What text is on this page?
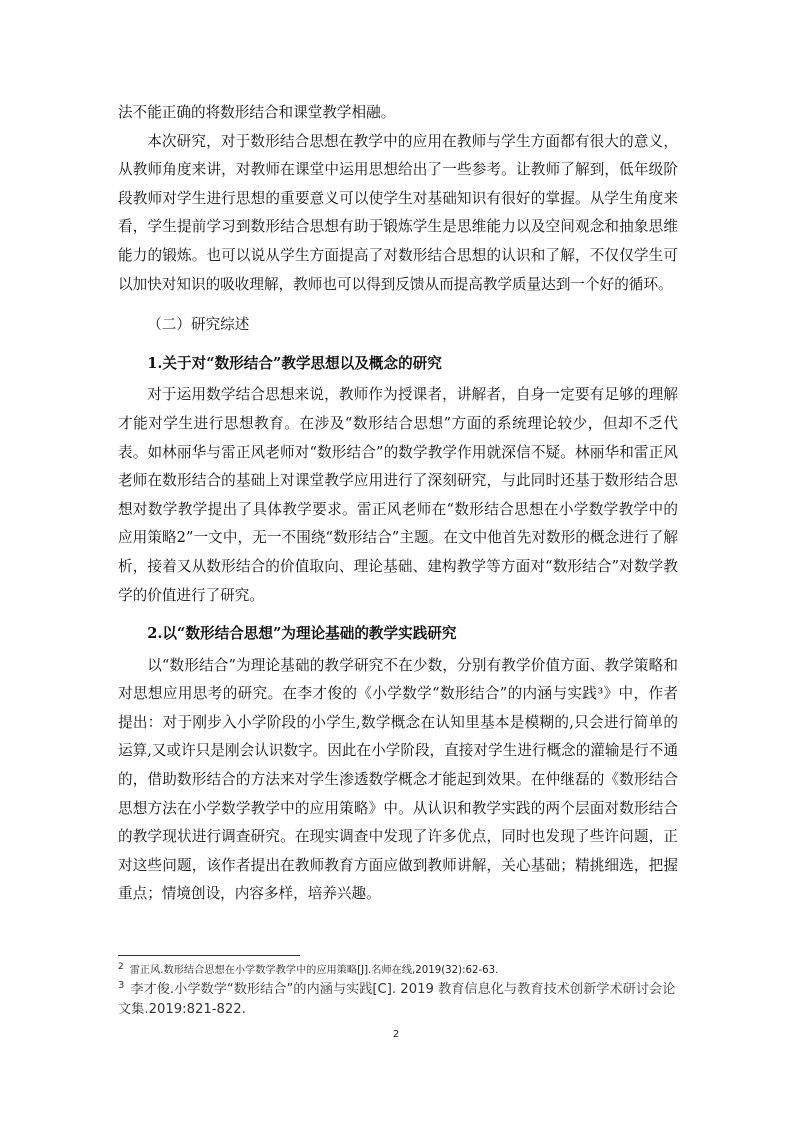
法不能正确的将数形结合和课堂教学相融。

本次研究，对于数形结合思想在教学中的应用在教师与学生方面都有很大的意义，从教师角度来讲，对教师在课堂中运用思想给出了一些参考。让教师了解到，低年级阶段教师对学生进行思想的重要意义可以使学生对基础知识有很好的掌握。从学生角度来看，学生提前学习到数形结合思想有助于锻炼学生是思维能力以及空间观念和抽象思维能力的锻炼。也可以说从学生方面提高了对数形结合思想的认识和了解，不仅仅学生可以加快对知识的吸收理解，教师也可以得到反馈从而提高教学质量达到一个好的循环。

（二）研究综述

1.关于对“数形结合”教学思想以及概念的研究

对于运用数学结合思想来说，教师作为授课者，讲解者，自身一定要有足够的理解才能对学生进行思想教育。在涉及“数形结合思想”方面的系统理论较少，但却不乏代表。如林丽华与雷正风老师对“数形结合”的数学教学作用就深信不疑。林丽华和雷正风老师在数形结合的基础上对课堂教学应用进行了深刻研究，与此同时还基于数形结合思想对数学教学提出了具体教学要求。雷正风老师在“数形结合思想在小学数学教学中的应用策略2”一文中，无一不围绕“数形结合”主题。在文中他首先对数形的概念进行了解析，接着又从数形结合的价值取向、理论基础、建构教学等方面对“数形结合”对数学教学的价值进行了研究。

2.以“数形结合思想”为理论基础的教学实践研究

以“数形结合”为理论基础的教学研究不在少数，分别有教学价值方面、教学策略和对思想应用思考的研究。在李才俊的《小学数学“数形结合”的内涵与实践³》中，作者提出：对于刚步入小学阶段的小学生,数学概念在认知里基本是模糊的,只会进行简单的运算,又或许只是刚会认识数字。因此在小学阶段，直接对学生进行概念的灌输是行不通的，借助数形结合的方法来对学生渗透数学概念才能起到效果。在仲继磊的《数形结合思想方法在小学数学教学中的应用策略》中。从认识和教学实践的两个层面对数形结合的教学现状进行调查研究。在现实调查中发现了许多优点，同时也发现了些许问题，正对这些问题，该作者提出在教师教育方面应做到教师讲解，关心基础；精挑细选，把握重点；情境创设，内容多样，培养兴趣。

2 雷正风.数形结合思想在小学数学教学中的应用策略[J].名师在线,2019(32):62-63.

$^3$ 李才俊.小学数学“数形结合”的内涵与实践[C]. 2019 教育信息化与教育技术创新学术研讨会论文集.2019:821-822.

2
